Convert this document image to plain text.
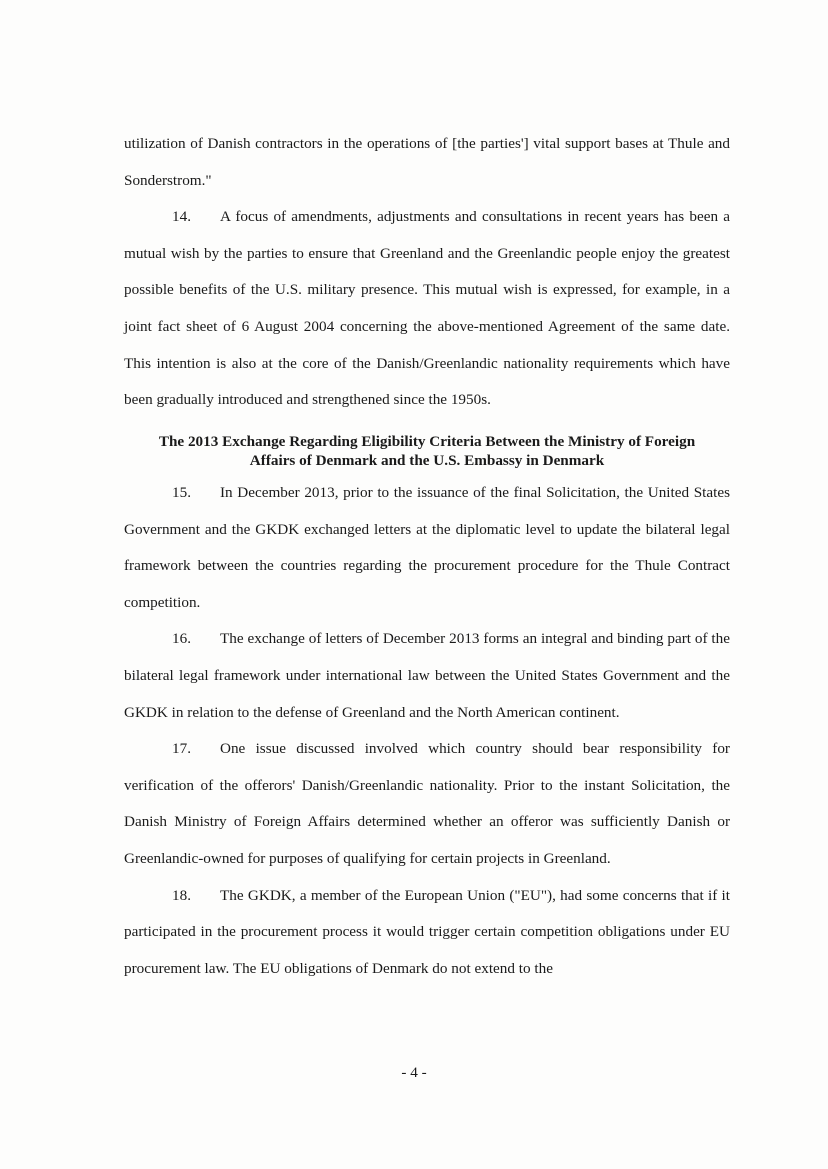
utilization of Danish contractors in the operations of [the parties'] vital support bases at Thule and Sonderstrom."

14. A focus of amendments, adjustments and consultations in recent years has been a mutual wish by the parties to ensure that Greenland and the Greenlandic people enjoy the greatest possible benefits of the U.S. military presence. This mutual wish is expressed, for example, in a joint fact sheet of 6 August 2004 concerning the above-mentioned Agreement of the same date. This intention is also at the core of the Danish/Greenlandic nationality requirements which have been gradually introduced and strengthened since the 1950s.

The 2013 Exchange Regarding Eligibility Criteria Between the Ministry of Foreign
Affairs of Denmark and the U.S. Embassy in Denmark

15. In December 2013, prior to the issuance of the final Solicitation, the United States Government and the GKDK exchanged letters at the diplomatic level to update the bilateral legal framework between the countries regarding the procurement procedure for the Thule Contract competition.

16. The exchange of letters of December 2013 forms an integral and binding part of the bilateral legal framework under international law between the United States Government and the GKDK in relation to the defense of Greenland and the North American continent.

17. One issue discussed involved which country should bear responsibility for verification of the offerors' Danish/Greenlandic nationality. Prior to the instant Solicitation, the Danish Ministry of Foreign Affairs determined whether an offeror was sufficiently Danish or Greenlandic-owned for purposes of qualifying for certain projects in Greenland.

18. The GKDK, a member of the European Union ("EU"), had some concerns that if it participated in the procurement process it would trigger certain competition obligations under EU procurement law. The EU obligations of Denmark do not extend to the

- 4 -
